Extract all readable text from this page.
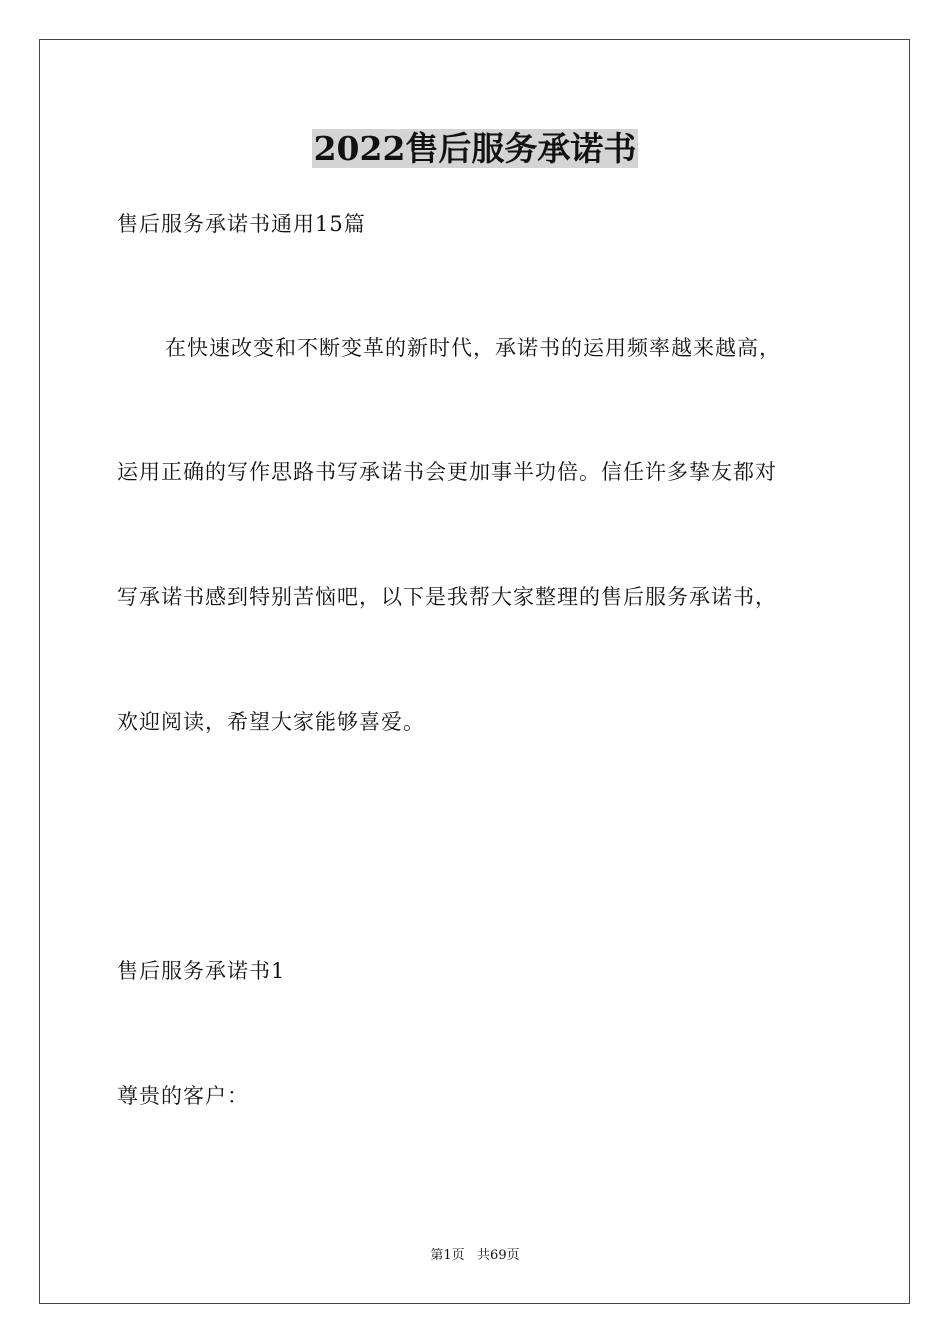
2022售后服务承诺书
售后服务承诺书通用15篇
在快速改变和不断变革的新时代，承诺书的运用频率越来越高，
运用正确的写作思路书写承诺书会更加事半功倍。信任许多挚友都对
写承诺书感到特别苦恼吧，以下是我帮大家整理的售后服务承诺书，
欢迎阅读，希望大家能够喜爱。
售后服务承诺书1
尊贵的客户：
第1页   共69页
